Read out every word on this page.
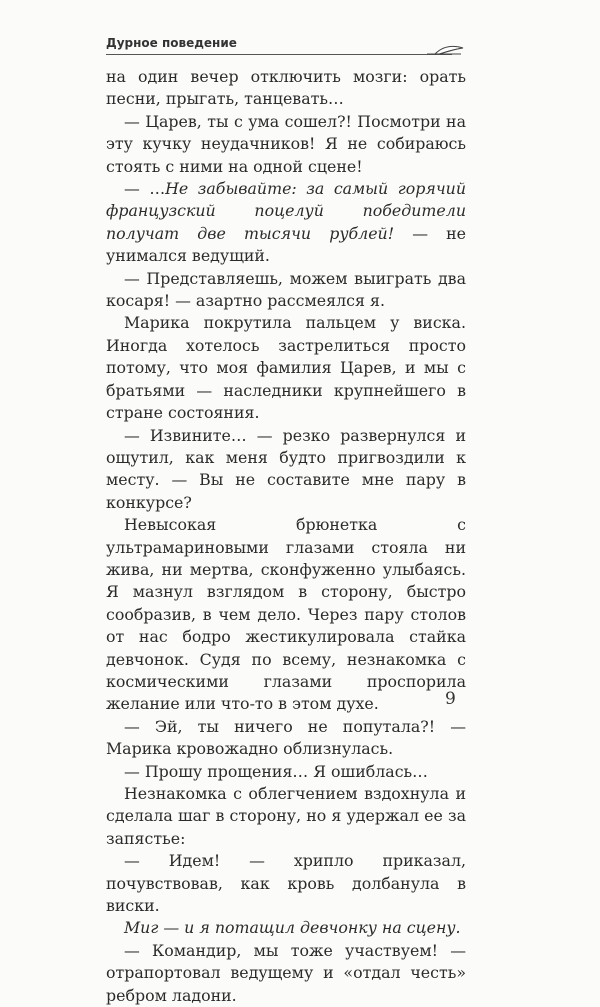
Дурное поведение

на один вечер отключить мозги: орать песни, прыгать, танцевать…

— Царев, ты с ума сошел?! Посмотри на эту кучку неудачников! Я не собираюсь стоять с ними на одной сцене!

— …Не забывайте: за самый горячий французский поцелуй победители получат две тысячи рублей! — не унимался ведущий.

— Представляешь, можем выиграть два косаря! — азартно рассмеялся я.

Марика покрутила пальцем у виска. Иногда хотелось застрелиться просто потому, что моя фамилия Царев, и мы с братьями — наследники крупнейшего в стране состояния.

— Извините… — резко развернулся и ощутил, как меня будто пригвоздили к месту. — Вы не составите мне пару в конкурсе?

Невысокая брюнетка с ультрамариновыми глазами стояла ни жива, ни мертва, сконфуженно улыбаясь. Я мазнул взглядом в сторону, быстро сообразив, в чем дело. Через пару столов от нас бодро жестикулировала стайка девчонок. Судя по всему, незнакомка с космическими глазами проспорила желание или что-то в этом духе.

— Эй, ты ничего не попутала?! — Марика кровожадно облизнулась.

— Прошу прощения… Я ошиблась…

Незнакомка с облегчением вздохнула и сделала шаг в сторону, но я удержал ее за запястье:

— Идем! — хрипло приказал, почувствовав, как кровь долбанула в виски.

Миг — и я потащил девчонку на сцену.

— Командир, мы тоже участвуем! — отрапортовал ведущему и «отдал честь» ребром ладони.

9
